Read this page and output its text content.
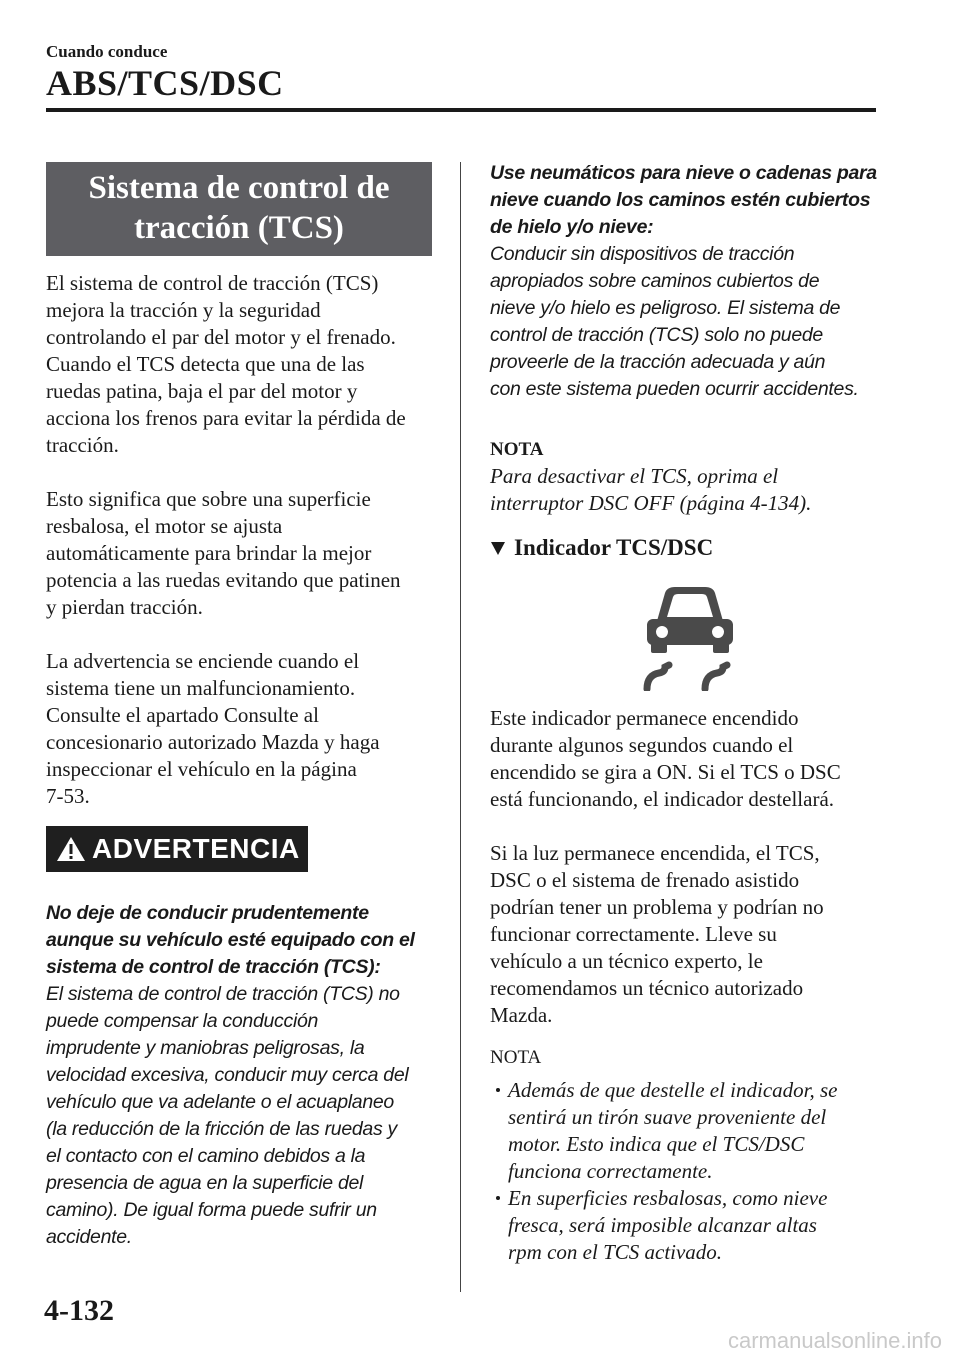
Cuando conduce
ABS/TCS/DSC
Sistema de control de
tracción (TCS)

El sistema de control de tracción (TCS)
mejora la tracción y la seguridad
controlando el par del motor y el frenado.
Cuando el TCS detecta que una de las
ruedas patina, baja el par del motor y
acciona los frenos para evitar la pérdida de
tracción.

Esto significa que sobre una superficie
resbalosa, el motor se ajusta
automáticamente para brindar la mejor
potencia a las ruedas evitando que patinen
y pierdan tracción.

La advertencia se enciende cuando el
sistema tiene un malfuncionamiento.
Consulte el apartado Consulte al
concesionario autorizado Mazda y haga
inspeccionar el vehículo en la página
7-53.

ADVERTENCIA

No deje de conducir prudentemente
aunque su vehículo esté equipado con el
sistema de control de tracción (TCS):

El sistema de control de tracción (TCS) no
puede compensar la conducción
imprudente y maniobras peligrosas, la
velocidad excesiva, conducir muy cerca del
vehículo que va adelante o el acuaplaneo
(la reducción de la fricción de las ruedas y
el contacto con el camino debidos a la
presencia de agua en la superficie del
camino). De igual forma puede sufrir un
accidente.

Use neumáticos para nieve o cadenas para
nieve cuando los caminos estén cubiertos
de hielo y/o nieve:

Conducir sin dispositivos de tracción
apropiados sobre caminos cubiertos de
nieve y/o hielo es peligroso. El sistema de
control de tracción (TCS) solo no puede
proveerle de la tracción adecuada y aún
con este sistema pueden ocurrir accidentes.

NOTA

Para desactivar el TCS, oprima el
interruptor DSC OFF (página 4-134).

Indicador TCS/DSC

Este indicador permanece encendido
durante algunos segundos cuando el
encendido se gira a ON. Si el TCS o DSC
está funcionando, el indicador destellará.

Si la luz permanece encendida, el TCS,
DSC o el sistema de frenado asistido
podrían tener un problema y podrían no
funcionar correctamente. Lleve su
vehículo a un técnico experto, le
recomendamos un técnico autorizado
Mazda.

NOTA

Además de que destelle el indicador, se
sentirá un tirón suave proveniente del
motor. Esto indica que el TCS/DSC
funciona correctamente.
En superficies resbalosas, como nieve
fresca, será imposible alcanzar altas
rpm con el TCS activado.
4-132
carmanualsonline.info
